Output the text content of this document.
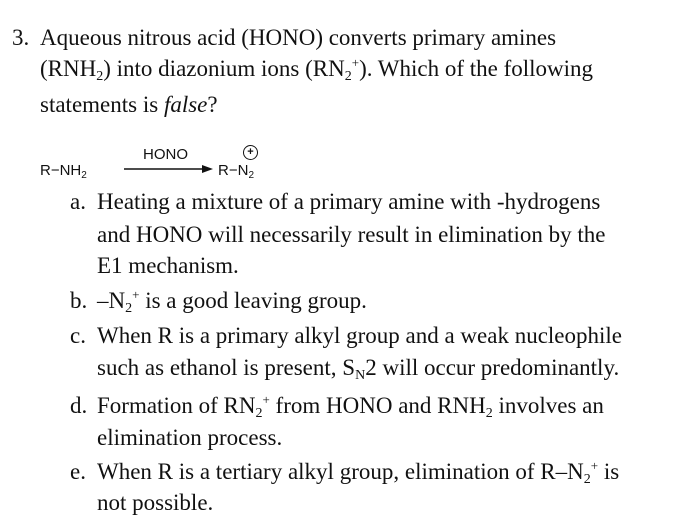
3. Aqueous nitrous acid (HONO) converts primary amines
$(RNH_2)$ into diazonium ions $(RN_2^+)$. Which of the following
statements is false?
$R-NH_2$
HONO
$R-N_2$
+
a. Heating a mixture of a primary amine with -hydrogens
and HONO will necessarily result in elimination by the
E1 mechanism.
b. $-N_2^+$ is a good leaving group.
c. When R is a primary alkyl group and a weak nucleophile
such as ethanol is present, $S_N2$ will occur predominantly.
d. Formation of $RN_2^+$ from HONO and $RNH_2$ involves an
elimination process.
e. When R is a tertiary alkyl group, elimination of $R-N_2^+$ is
not possible.
